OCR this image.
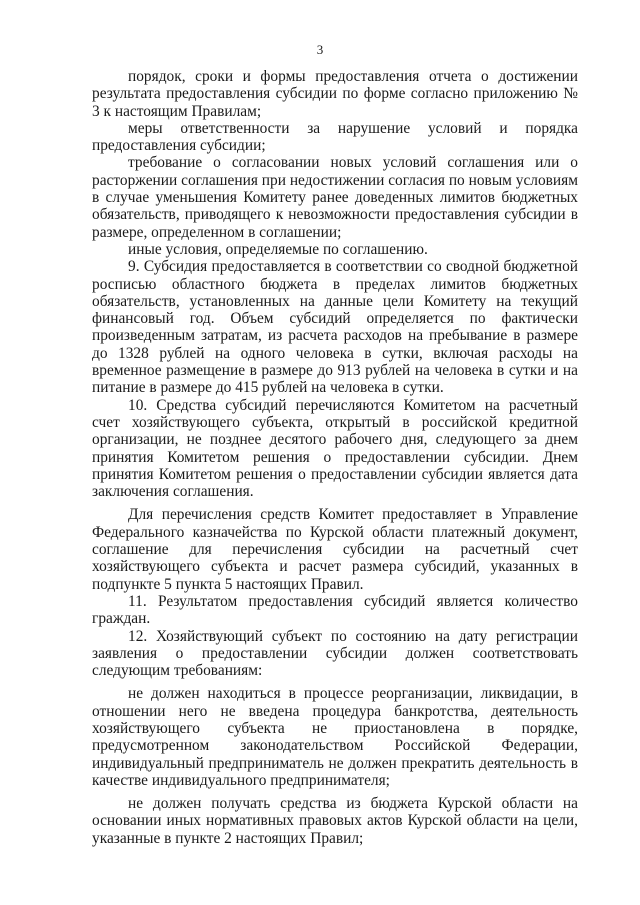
3

порядок, сроки и формы предоставления отчета о достижении результата предоставления субсидии по форме согласно приложению № 3 к настоящим Правилам;

меры ответственности за нарушение условий и порядка предоставления субсидии;

требование о согласовании новых условий соглашения или о расторжении соглашения при недостижении согласия по новым условиям в случае уменьшения Комитету ранее доведенных лимитов бюджетных обязательств, приводящего к невозможности предоставления субсидии в размере, определенном в соглашении;

иные условия, определяемые по соглашению.

9. Субсидия предоставляется в соответствии со сводной бюджетной росписью областного бюджета в пределах лимитов бюджетных обязательств, установленных на данные цели Комитету на текущий финансовый год. Объем субсидий определяется по фактически произведенным затратам, из расчета расходов на пребывание в размере до 1328 рублей на одного человека в сутки, включая расходы на временное размещение в размере до 913 рублей на человека в сутки и на питание в размере до 415 рублей на человека в сутки.

10. Средства субсидий перечисляются Комитетом на расчетный счет хозяйствующего субъекта, открытый в российской кредитной организации, не позднее десятого рабочего дня, следующего за днем принятия Комитетом решения о предоставлении субсидии. Днем принятия Комитетом решения о предоставлении субсидии является дата заключения соглашения.

Для перечисления средств Комитет предоставляет в Управление Федерального казначейства по Курской области платежный документ, соглашение для перечисления субсидии на расчетный счет хозяйствующего субъекта и расчет размера субсидий, указанных в подпункте 5 пункта 5 настоящих Правил.

11. Результатом предоставления субсидий является количество граждан.

12. Хозяйствующий субъект по состоянию на дату регистрации заявления о предоставлении субсидии должен соответствовать следующим требованиям:

не должен находиться в процессе реорганизации, ликвидации, в отношении него не введена процедура банкротства, деятельность хозяйствующего субъекта не приостановлена в порядке, предусмотренном законодательством Российской Федерации, индивидуальный предприниматель не должен прекратить деятельность в качестве индивидуального предпринимателя;

не должен получать средства из бюджета Курской области на основании иных нормативных правовых актов Курской области на цели, указанные в пункте 2 настоящих Правил;
